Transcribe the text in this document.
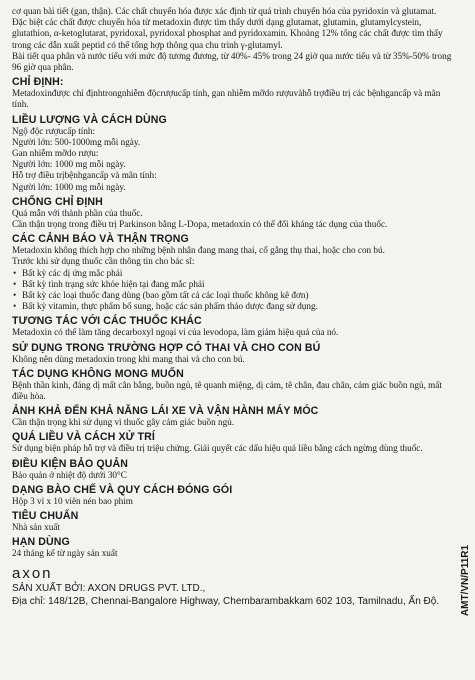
cơ quan bài tiết (gan, thận). Các chất chuyển hóa được xác định từ quá trình chuyển hóa của pyridoxin và glutamat. Đặc biệt các chất được chuyển hóa từ metadoxin được tìm thấy dưới dạng glutamat, glutamin, glutamylcystein, glutathion, α-ketoglutarat, pyridoxal, pyridoxal phosphat and pyridoxamin. Khoảng 12% tổng các chất được tìm thấy trong các dẫn xuất peptid có thể tổng hợp thông qua chu trình γ-glutamyl.

Bài tiết qua phân và nước tiểu với mức độ tương đương, từ 40%- 45% trong 24 giờ qua nước tiểu và từ 35%-50% trong 96 giờ qua phân.

CHỈ ĐỊNH:

Metadoxinđược chỉ địnhtrongnhiễm độcrượucấp tính, gan nhiễm mỡdo rượuvàhỗ trợđiều trị các bệnhgancấp và mãn tính.

LIỀU LƯỢNG VÀ CÁCH DÙNG

Ngộ độc rượucấp tính:

Người lớn: 500-1000mg mỗi ngày.

Gan nhiễm mỡdo rượu:

Người lớn: 1000 mg mỗi ngày.

Hỗ trợ điều trịbệnhgancấp và mãn tính:

Người lớn: 1000 mg mỗi ngày.

CHỐNG CHỈ ĐỊNH

Quá mẫn với thành phần của thuốc.

Cần thận trọng trong điều trị Parkinson bằng L-Dopa, metadoxin có thể đối kháng tác dụng của thuốc.

CÁC CẢNH BÁO VÀ THẬN TRỌNG

Metadoxin không thích hợp cho những bệnh nhân đang mang thai, cố gắng thụ thai, hoặc cho con bú.

Trước khi sử dụng thuốc cần thông tin cho bác sĩ:

• Bất kỳ các dị ứng mắc phải
• Bất kỳ tình trạng sức khỏe hiện tại đang mắc phải
• Bất kỳ các loại thuốc đang dùng (bao gồm tất cả các loại thuốc không kê đơn)
• Bất kỳ vitamin, thực phẩm bổ sung, hoặc các sản phẩm thảo dược đang sử dụng.
TƯƠNG TÁC VỚI CÁC THUỐC KHÁC

Metadoxin có thể làm tăng decarboxyl ngoại vi của levodopa, làm giảm hiệu quả của nó.

SỬ DỤNG TRONG TRƯỜNG HỢP CÓ THAI VÀ CHO CON BÚ

Không nên dùng metadoxin trong khi mang thai và cho con bú.

TÁC DỤNG KHÔNG MONG MUỐN

Bệnh thần kinh, đáng dị mất cân bằng, buồn ngủ, tê quanh miệng, dị cảm, tê chân, đau chân, cảm giác buồn ngủ, mất điều hòa.

ẢNH KHẢ ĐẾN KHẢ NĂNG LÁI XE VÀ VẬN HÀNH MÁY MÓC

Cần thận trọng khi sử dụng vì thuốc gây cảm giác buồn ngủ.

QUÁ LIỀU VÀ CÁCH XỬ TRÍ

Sử dụng biện pháp hỗ trợ và điều trị triệu chứng. Giải quyết các dấu hiệu quá liều bằng cách ngừng dùng thuốc.

ĐIỀU KIỆN BẢO QUẢN

Bảo quản ở nhiệt độ dưới 30°C

DẠNG BÀO CHẾ VÀ QUY CÁCH ĐÓNG GÓI

Hộp 3 vỉ x 10 viên nén bao phim

TIÊU CHUẨN

Nhà sản xuất

HẠN DÙNG

24 tháng kể từ ngày sản xuất

axon

SẢN XUẤT BỞI: AXON DRUGS PVT. LTD.,

Địa chỉ: 148/12B, Chennai-Bangalore Highway, Chembarambakkam 602 103, Tamilnadu, Ấn Độ.	AMT/VN/P11R1
